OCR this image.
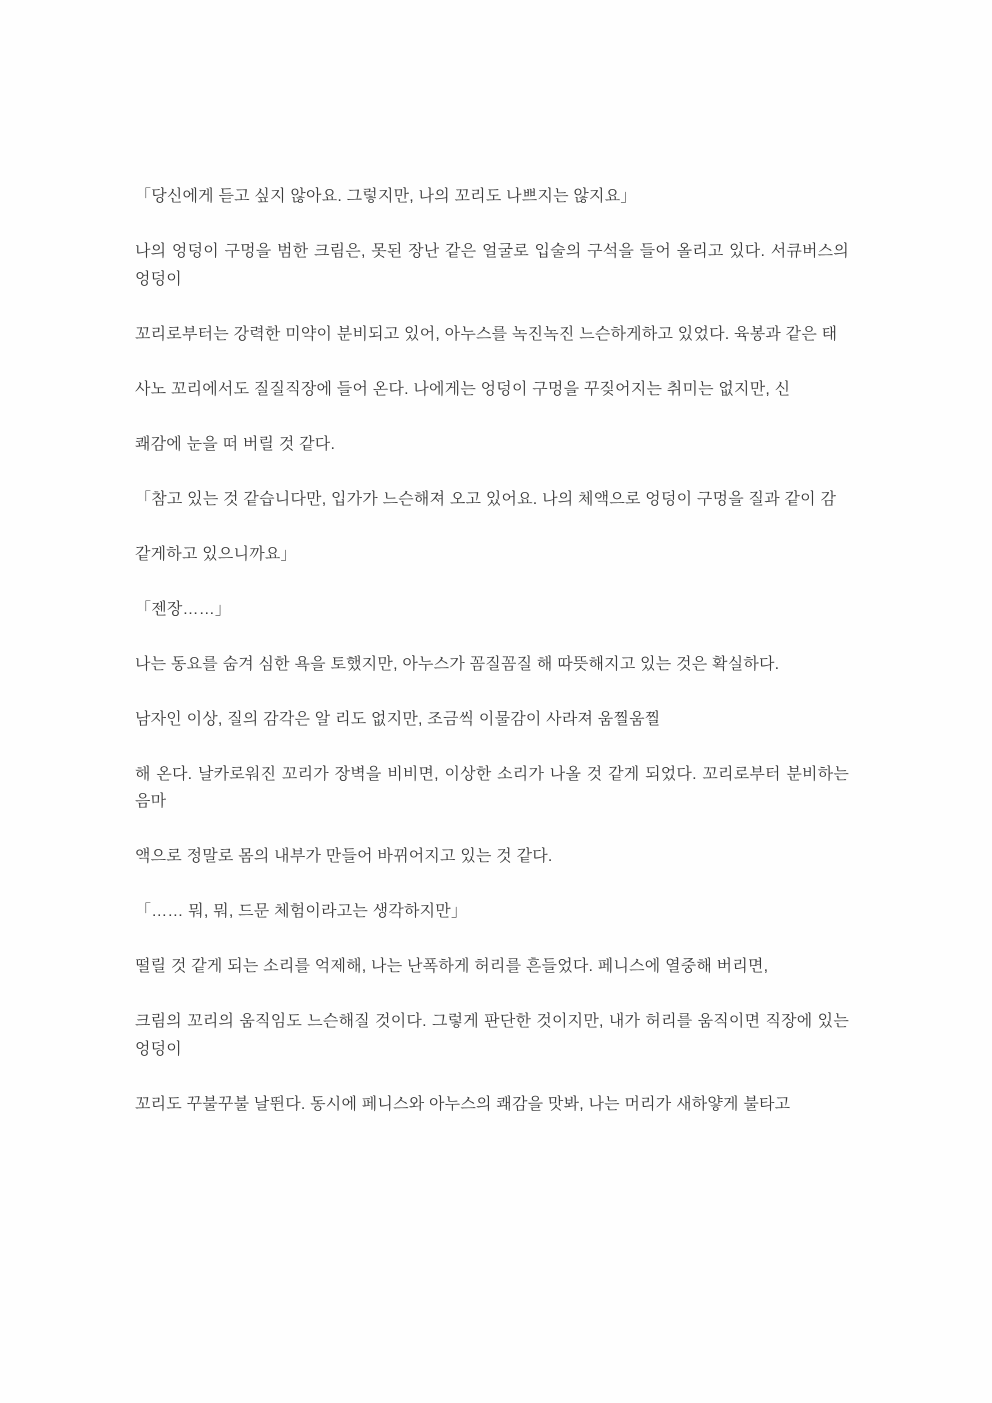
「당신에게 듣고 싶지 않아요. 그렇지만, 나의 꼬리도 나쁘지는 않지요」

나의 엉덩이 구멍을 범한 크림은, 못된 장난 같은 얼굴로 입술의 구석을 들어 올리고 있다. 서큐버스의 엉덩이

꼬리로부터는 강력한 미약이 분비되고 있어, 아누스를 녹진녹진 느슨하게하고 있었다. 육봉과 같은 태

사노 꼬리에서도 질질직장에 들어 온다. 나에게는 엉덩이 구멍을 꾸짖어지는 취미는 없지만, 신

쾌감에 눈을 떠 버릴 것 같다.

「참고 있는 것 같습니다만, 입가가 느슨해져 오고 있어요. 나의 체액으로 엉덩이 구멍을 질과 같이 감

같게하고 있으니까요」

「젠장……」

나는 동요를 숨겨 심한 욕을 토했지만, 아누스가 꼼질꼼질 해 따뜻해지고 있는 것은 확실하다.

남자인 이상, 질의 감각은 알 리도 없지만, 조금씩 이물감이 사라져 움찔움찔

해 온다. 날카로워진 꼬리가 장벽을 비비면, 이상한 소리가 나올 것 같게 되었다. 꼬리로부터 분비하는 음마

액으로 정말로 몸의 내부가 만들어 바뀌어지고 있는 것 같다.

「…… 뭐, 뭐, 드문 체험이라고는 생각하지만」

떨릴 것 같게 되는 소리를 억제해, 나는 난폭하게 허리를 흔들었다. 페니스에 열중해 버리면,

크림의 꼬리의 움직임도 느슨해질 것이다. 그렇게 판단한 것이지만, 내가 허리를 움직이면 직장에 있는 엉덩이

꼬리도 꾸불꾸불 날뛴다. 동시에 페니스와 아누스의 쾌감을 맛봐, 나는 머리가 새하얗게 불타고
